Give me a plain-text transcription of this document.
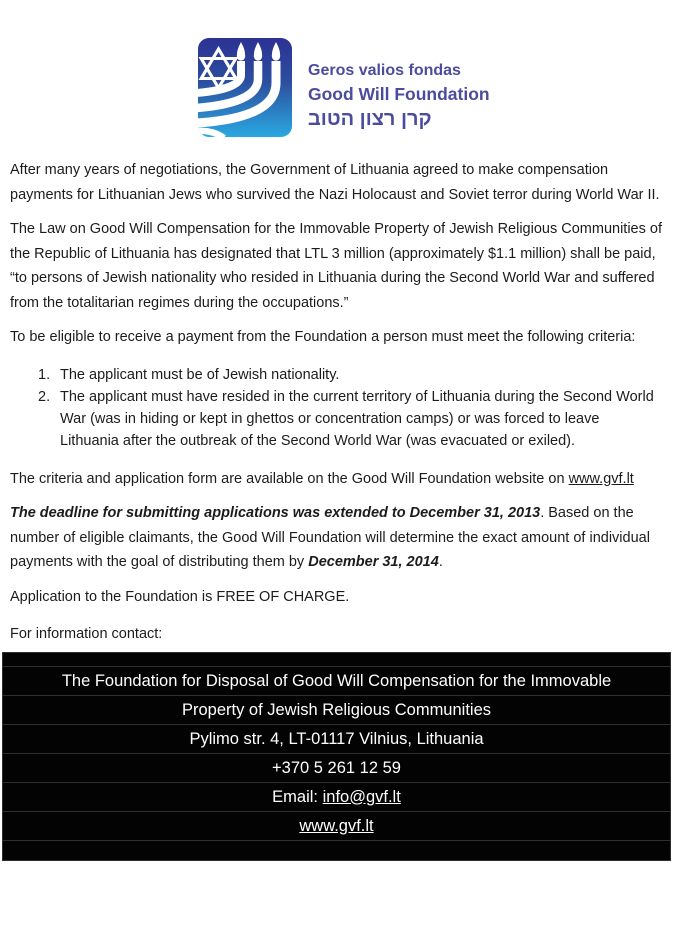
Geros valios fondas
Good Will Foundation
קרן רצון הטוב

After many years of negotiations, the Government of Lithuania agreed to make compensation payments for Lithuanian Jews who survived the Nazi Holocaust and Soviet terror during World War II.

The Law on Good Will Compensation for the Immovable Property of Jewish Religious Communities of the Republic of Lithuania has designated that LTL 3 million (approximately $1.1 million) shall be paid, “to persons of Jewish nationality who resided in Lithuania during the Second World War and suffered from the totalitarian regimes during the occupations.”

To be eligible to receive a payment from the Foundation a person must meet the following criteria:

1. The applicant must be of Jewish nationality.
2. The applicant must have resided in the current territory of Lithuania during the Second World War (was in hiding or kept in ghettos or concentration camps) or was forced to leave Lithuania after the outbreak of the Second World War (was evacuated or exiled).

The criteria and application form are available on the Good Will Foundation website on www.gvf.lt

The deadline for submitting applications was extended to December 31, 2013. Based on the number of eligible claimants, the Good Will Foundation will determine the exact amount of individual payments with the goal of distributing them by December 31, 2014.

Application to the Foundation is FREE OF CHARGE.

For information contact:

The Foundation for Disposal of Good Will Compensation for the Immovable
Property of Jewish Religious Communities
Pylimo str. 4, LT-01117 Vilnius, Lithuania
+370 5 261 12 59
Email: info@gvf.lt
www.gvf.lt
